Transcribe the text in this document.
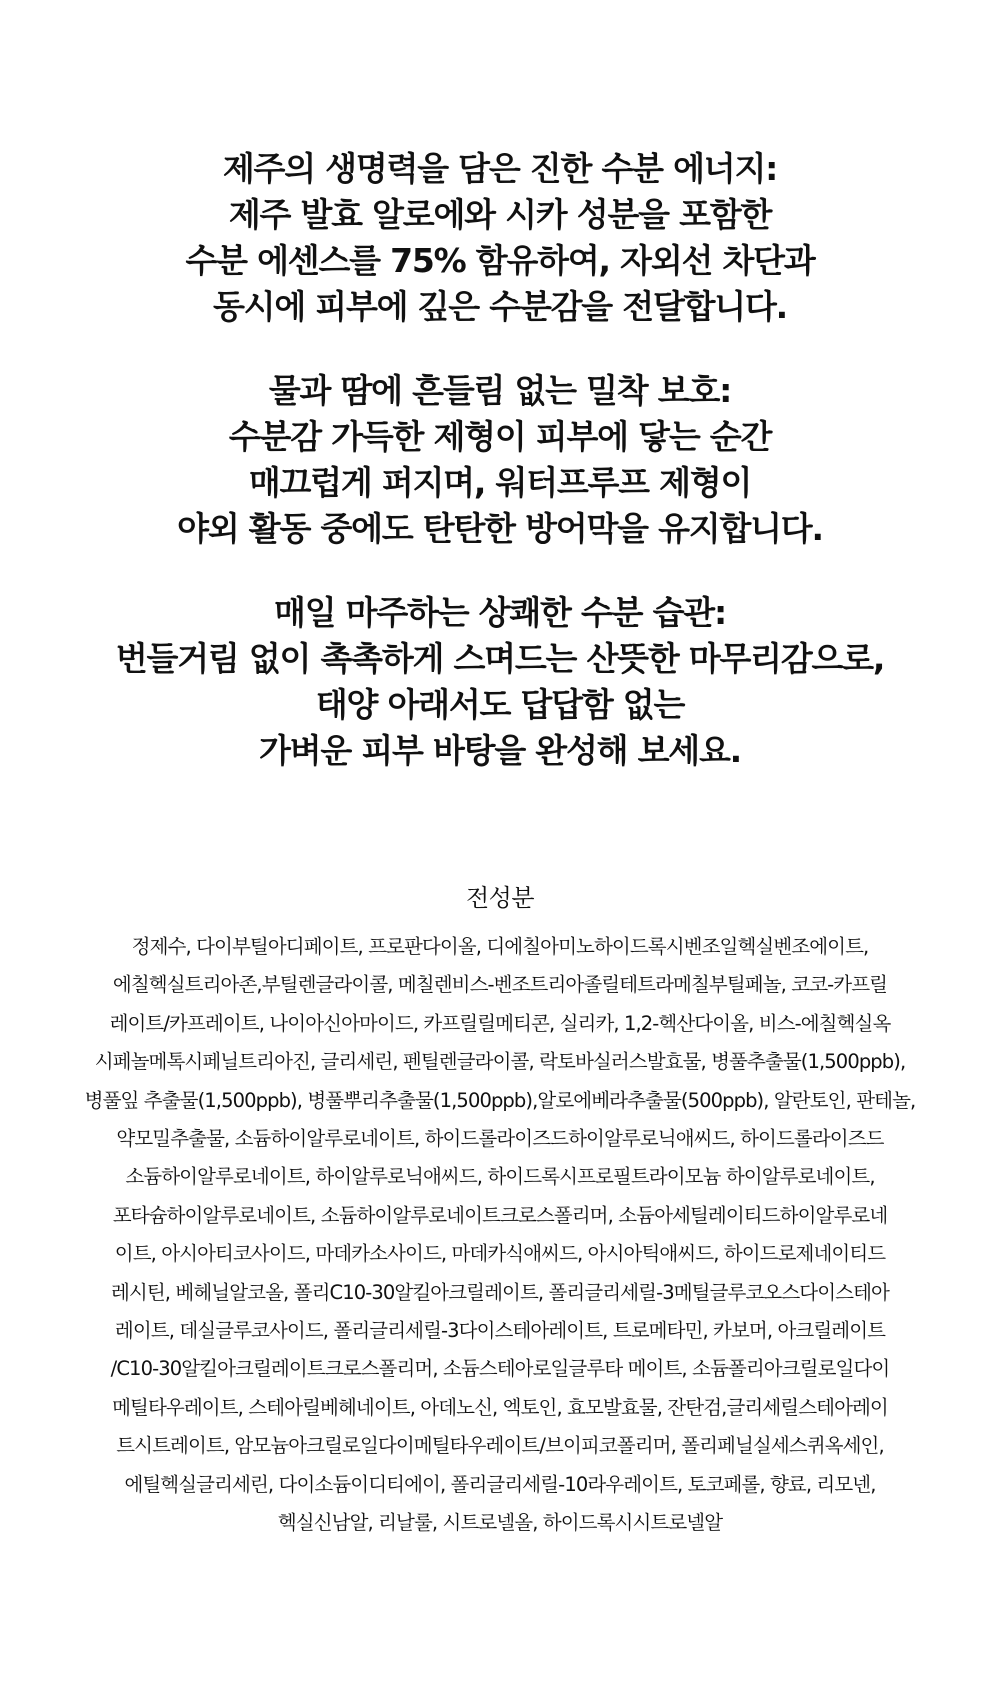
제주의 생명력을 담은 진한 수분 에너지:
제주 발효 알로에와 시카 성분을 포함한
수분 에센스를 75% 함유하여, 자외선 차단과
동시에 피부에 깊은 수분감을 전달합니다.
물과 땀에 흔들림 없는 밀착 보호:
수분감 가득한 제형이 피부에 닿는 순간
매끄럽게 퍼지며, 워터프루프 제형이
야외 활동 중에도 탄탄한 방어막을 유지합니다.
매일 마주하는 상쾌한 수분 습관:
번들거림 없이 촉촉하게 스며드는 산뜻한 마무리감으로,
태양 아래서도 답답함 없는
가벼운 피부 바탕을 완성해 보세요.
전성분
정제수, 다이부틸아디페이트, 프로판다이올, 디에칠아미노하이드록시벤조일헥실벤조에이트,
에칠헥실트리아존,부틸렌글라이콜, 메칠렌비스-벤조트리아졸릴테트라메칠부틸페놀, 코코-카프릴
레이트/카프레이트, 나이아신아마이드, 카프릴릴메티콘, 실리카, 1,2-헥산다이올, 비스-에칠헥실옥
시페놀메톡시페닐트리아진, 글리세린, 펜틸렌글라이콜, 락토바실러스발효물, 병풀추출물(1,500ppb),
병풀잎 추출물(1,500ppb), 병풀뿌리추출물(1,500ppb),알로에베라추출물(500ppb), 알란토인, 판테놀,
약모밀추출물, 소듐하이알루로네이트, 하이드롤라이즈드하이알루로닉애씨드, 하이드롤라이즈드
소듐하이알루로네이트, 하이알루로닉애씨드, 하이드록시프로필트라이모늄 하이알루로네이트,
포타슘하이알루로네이트, 소듐하이알루로네이트크로스폴리머, 소듐아세틸레이티드하이알루로네
이트, 아시아티코사이드, 마데카소사이드, 마데카식애씨드, 아시아틱애씨드, 하이드로제네이티드
레시틴, 베헤닐알코올, 폴리C10-30알킬아크릴레이트, 폴리글리세릴-3메틸글루코오스다이스테아
레이트, 데실글루코사이드, 폴리글리세릴-3다이스테아레이트, 트로메타민, 카보머, 아크릴레이트
/C10-30알킬아크릴레이트크로스폴리머, 소듐스테아로일글루타 메이트, 소듐폴리아크릴로일다이
메틸타우레이트, 스테아릴베헤네이트, 아데노신, 엑토인, 효모발효물, 잔탄검,글리세릴스테아레이
트시트레이트, 암모늄아크릴로일다이메틸타우레이트/브이피코폴리머, 폴리페닐실세스퀴옥세인,
에틸헥실글리세린, 다이소듐이디티에이, 폴리글리세릴-10라우레이트, 토코페롤, 향료, 리모넨,
헥실신남알, 리날룰, 시트로넬올, 하이드록시시트로넬알
